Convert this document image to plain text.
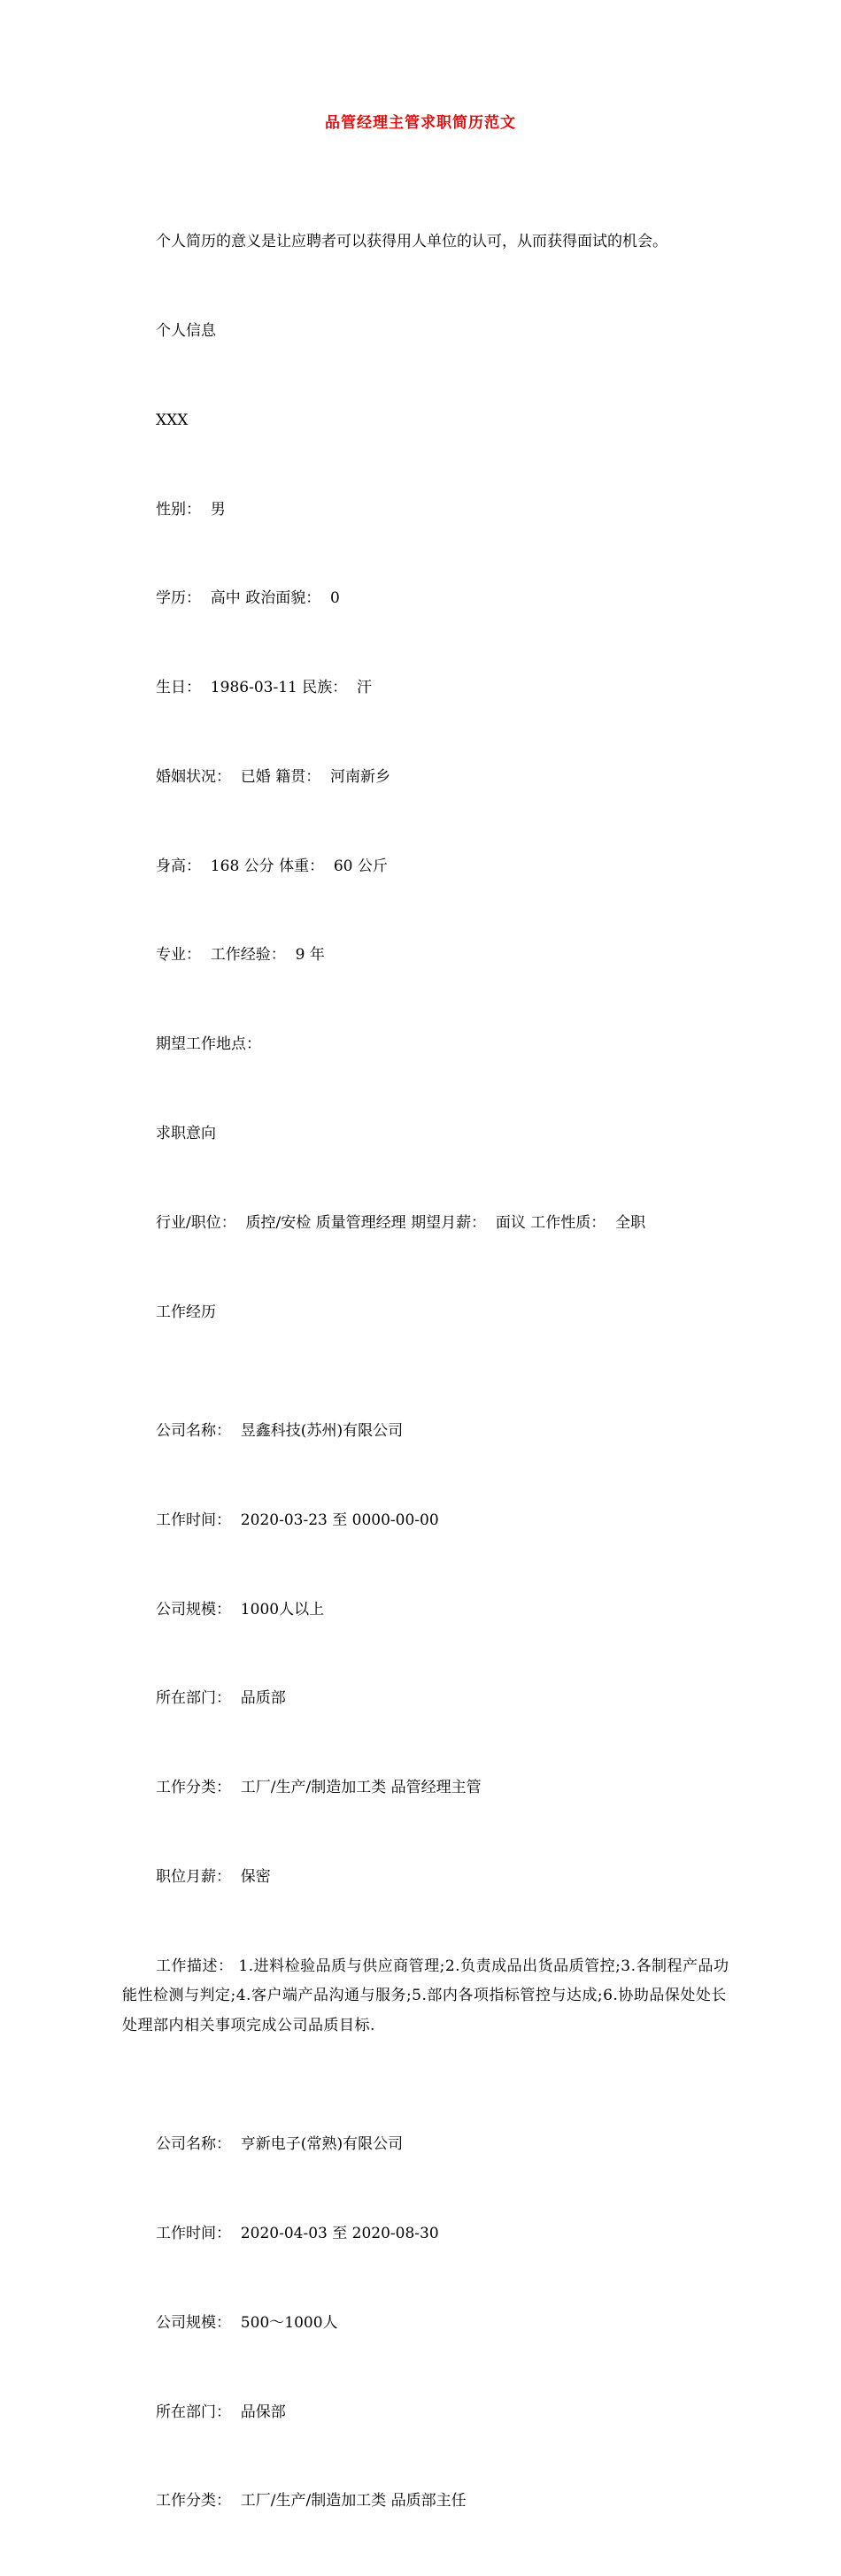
品管经理主管求职简历范文

个人简历的意义是让应聘者可以获得用人单位的认可，从而获得面试的机会。

个人信息

XXX

性别：  男

学历：  高中 政治面貌：  0

生日：  1986-03-11 民族：  汗

婚姻状况：  已婚 籍贯：  河南新乡

身高：  168 公分 体重：  60 公斤

专业：  工作经验：  9 年

期望工作地点：

求职意向

行业/职位：  质控/安检 质量管理经理 期望月薪：  面议 工作性质：  全职

工作经历

公司名称：  昱鑫科技(苏州)有限公司

工作时间：  2020-03-23 至 0000-00-00

公司规模：  1000人以上

所在部门：  品质部

工作分类：  工厂/生产/制造加工类 品管经理主管

职位月薪：  保密

工作描述： 1.进料检验品质与供应商管理;2.负责成品出货品质管控;3.各制程产品功能性检测与判定;4.客户端产品沟通与服务;5.部内各项指标管控与达成;6.协助品保处处长处理部内相关事项完成公司品质目标.

公司名称：  亨新电子(常熟)有限公司

工作时间：  2020-04-03 至 2020-08-30

公司规模：  500～1000人

所在部门：  品保部

工作分类：  工厂/生产/制造加工类 品质部主任
